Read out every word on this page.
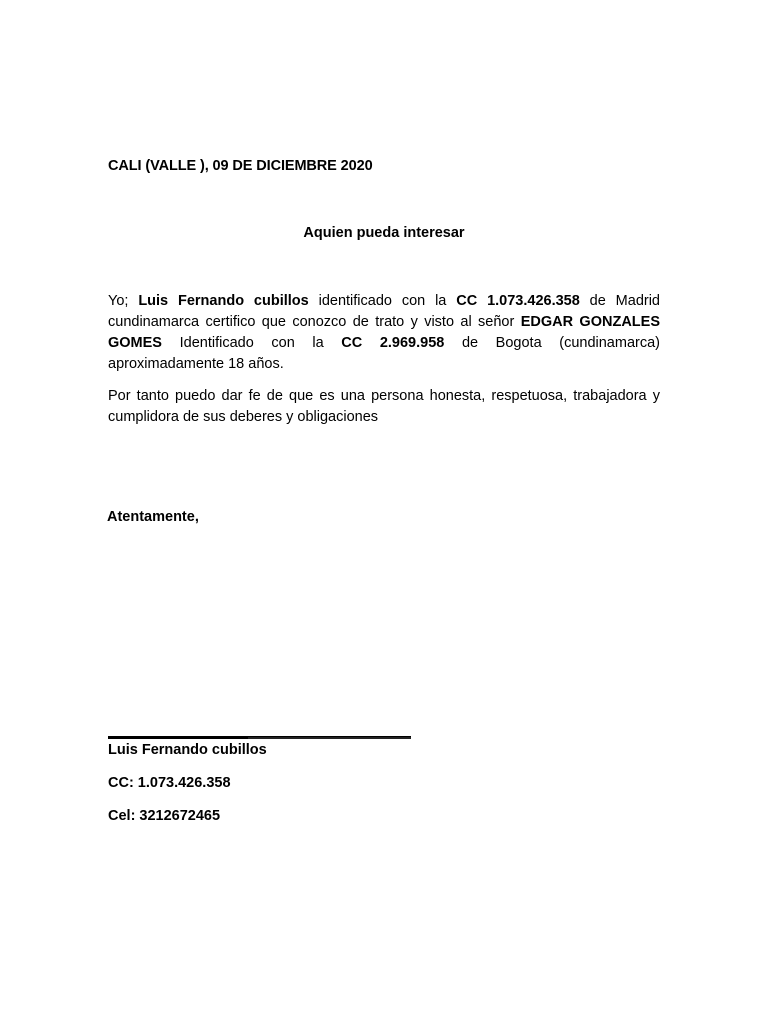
CALI (VALLE ), 09 DE DICIEMBRE 2020
Aquien pueda interesar
Yo; Luis Fernando cubillos identificado con la CC 1.073.426.358 de Madrid cundinamarca certifico que conozco de trato y visto al señor EDGAR GONZALES GOMES Identificado con la CC 2.969.958 de Bogota (cundinamarca) aproximadamente 18 años.
Por tanto puedo dar fe de que es una persona honesta, respetuosa, trabajadora y cumplidora de sus deberes y obligaciones
Atentamente,
Luis Fernando cubillos
CC: 1.073.426.358
Cel: 3212672465
